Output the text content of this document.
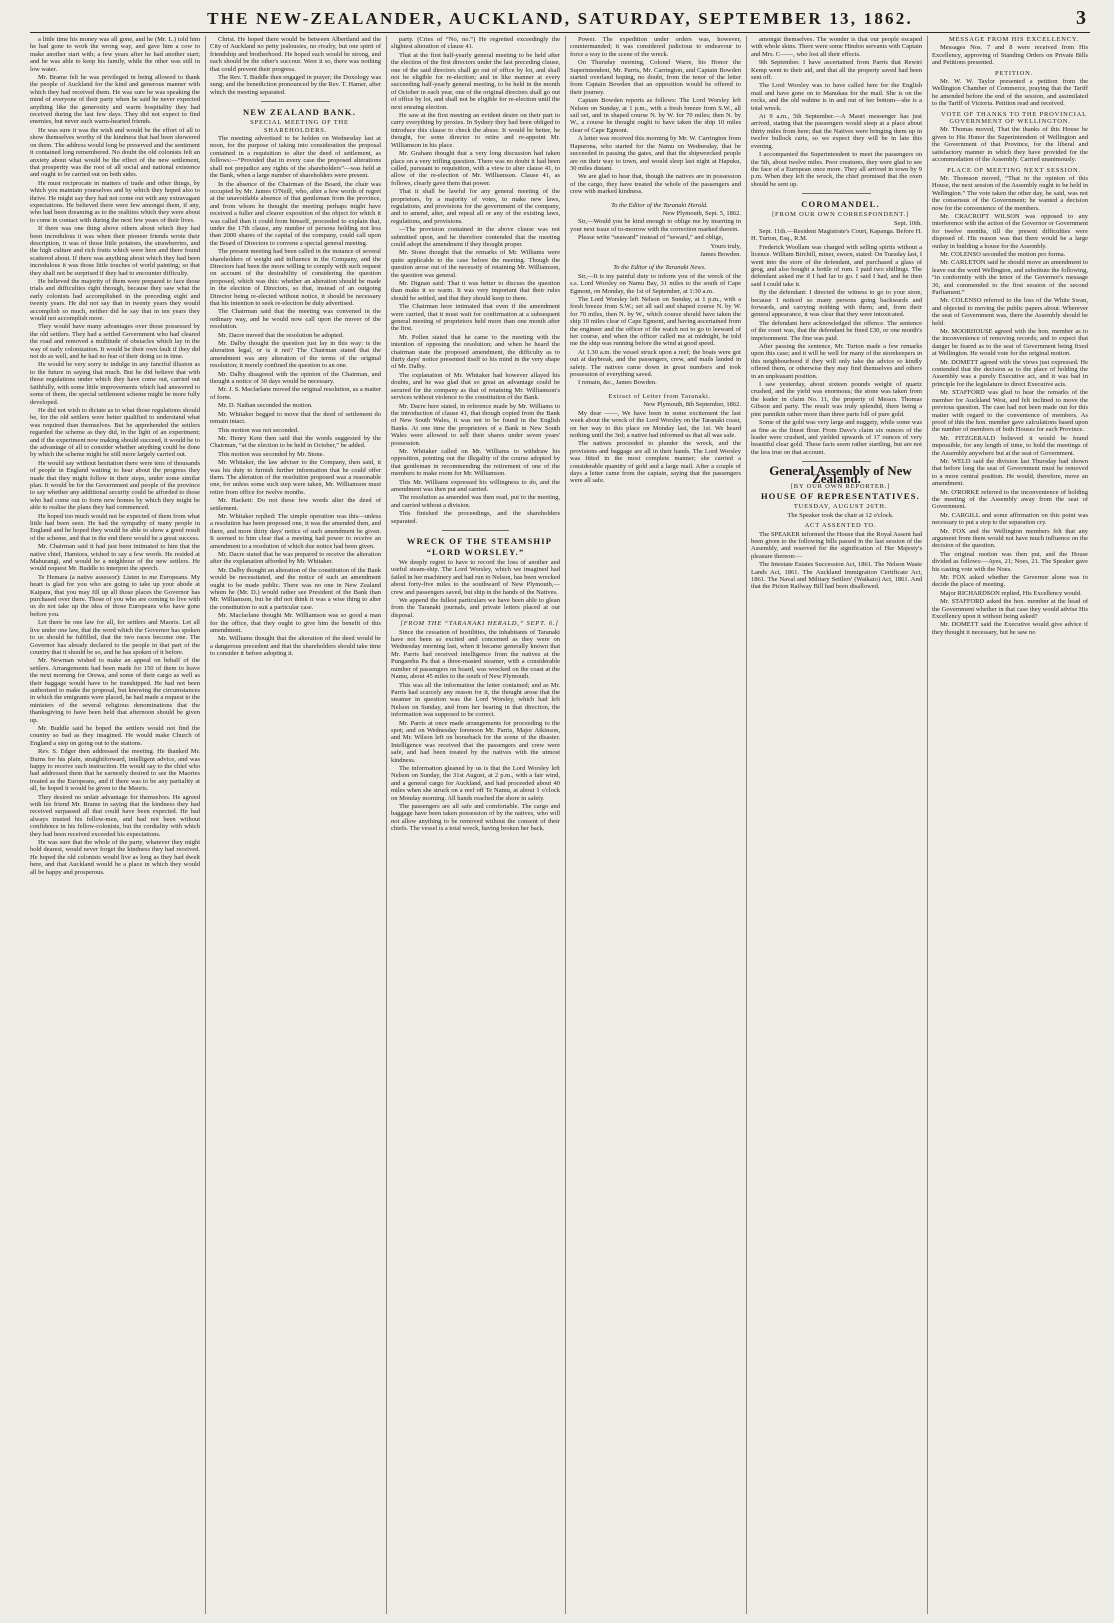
THE NEW-ZEALANDER, AUCKLAND, SATURDAY, SEPTEMBER 13, 1862.	3

a little time his money was all gone, and he (Mr. L.) told him he had gone to work the wrong way, and gave him a cow to make another start with; a few years after he had another start; and he was able to keep his family, while the other was still in low water.

Mr. Brame felt he was privileged in being allowed to thank the people of Auckland for the kind and generous manner with which they had received them. He was sure he was speaking the mind of everyone of their party when he said he never expected anything like the generosity and warm hospitality they had received during the last few days. They did not expect to find enemies, but never such warm-hearted friends.

He was sure it was the wish and would be the effort of all to show themselves worthy of the kindness that had been showered on them. The address would long be preserved and the sentiment it contained long remembered. No doubt the old colonists felt an anxiety about what would be the effect of the new settlement, that prosperity was the root of all social and national existence and ought to be carried out on both sides.

He must reciprocate in matters of trade and other things, by which you maintain yourselves and by which they hoped also to thrive. He might say they had not come out with any extravagant expectations. He believed there were few amongst them, if any, who had been dreaming as to the realities which they were about to come in contact with during the next few years of their lives.

If there was one thing above others about which they had been incredulous it was when their pioneer friends wrote their description, it was of those little potatoes, the strawberries, and the high culture and rich fruits which were here and there found scattered about. If there was anything about which they had been incredulous it was those little touches of world painting; so that they shall not be surprised if they had to encounter difficulty.

He believed the majority of them were prepared to face those trials and difficulties right through, because they saw what the early colonists had accomplished in the preceding eight and twenty years. He did not say that in twenty years they would accomplish so much, neither did he say that in ten years they would not accomplish more.

They would have many advantages over those possessed by the old settlers. They had a settled Government who had cleared the road and removed a multitude of obstacles which lay in the way of early colonization. It would be their own fault if they did not do as well, and he had no fear of their doing so in time.

He would be very sorry to indulge in any fanciful illusion as to the future in saying that much. But he did believe that with those regulations under which they have come out, carried out faithfully, with some little improvements which had answered to some of them, the special settlement scheme might be more fully developed.

He did not wish to dictate as to what those regulations should be, for the old settlers were better qualified to understand what was required than themselves. But he apprehended the settlers regarded the scheme as they did, in the light of an experiment; and if the experiment now making should succeed, it would be to the advantage of all to consider whether anything could be done by which the scheme might be still more largely carried out.

He would say without hesitation there were tens of thousands of people in England waiting to hear about the progress they made that they might follow in their steps, under some similar plan. It would be for the Government and people of the province to say whether any additional security could be afforded to those who had come out to form new homes by which they might be able to realise the plans they had commenced.

He hoped too much would not be expected of them from what little had been seen. He had the sympathy of many people in England and he hoped they would be able to show a good result of the scheme, and that in the end there would be a great success.

Mr. Chairman said it had just been intimated to him that the native chief, Hamiora, wished to say a few words. He resided at Mahurangi, and would be a neighbour of the new settlers. He would request Mr. Buddle to interpret the speech.

Te Hemara (a native assessor): Listen to me Europeans. My heart is glad for you who are going to take up your abode at Kaipara, that you may fill up all those places the Governor has purchased over there. Those of you who are coming to live with us do not take up the idea of those Europeans who have gone before you.

Let there be one law for all, for settlers and Maoris. Let all live under one law, that the word which the Governor has spoken to us should be fulfilled, that the two races become one. The Governor has already declared to the people in that part of the country that it should be so, and he has spoken of it before.

Mr. Newman wished to make an appeal on behalf of the settlers. Arrangements had been made for 150 of them to leave the next morning for Orewa, and some of their cargo as well as their baggage would have to be transhipped. He had not been authorised to make the proposal, but knowing the circumstances in which the emigrants were placed, he had made a request to the ministers of the several religious denominations that the thanksgiving to have been held that afternoon should be given up.

Mr. Buddle said he hoped the settlers would not find the country so bad as they imagined. He would make Church of England a step on going out to the stations.

Rev. S. Edger then addressed the meeting. He thanked Mr. Burns for his plain, straightforward, intelligent advice, and was happy to receive such instruction. He would say to the chief who had addressed them that he earnestly desired to see the Maories treated as the Europeans, and if there was to be any partiality at all, he hoped it would be given to the Maoris.

They desired no unfair advantage for themselves. He agreed with his friend Mr. Brame in saying that the kindness they had received surpassed all that could have been expected. He had always trusted his fellow-men, and had not been without confidence in his fellow-colonists, but the cordiality with which they had been received exceeded his expectations.

He was sure that the whole of the party, whatever they might hold dearest, would never forget the kindness they had received. He hoped the old colonists would live as long as they had dwelt here, and that Auckland would be a place in which they would all be happy and prosperous.

Christ. He hoped there would be between Albertland and the City of Auckland no petty jealousies, no rivalry, but one spirit of friendship and brotherhood. He hoped each would be strong, and each should be the other's succour. Were it so, there was nothing that could prevent their progress.

The Rev. T. Buddle then engaged in prayer; the Doxology was sung; and the benediction pronounced by the Rev. T. Hamer, after which the meeting separated.

NEW ZEALAND BANK.

SPECIAL MEETING OF THE SHAREHOLDERS.

The meeting advertised to be holden on Wednesday last at noon, for the purpose of taking into consideration the proposal contained in a requisition to alter the deed of settlement, as follows:—“Provided that in every case the proposed alterations shall not prejudice any rights of the shareholders”—was held at the Bank, when a large number of shareholders were present.

In the absence of the Chairman of the Board, the chair was occupied by Mr. James O'Neill, who, after a few words of regret at the unavoidable absence of that gentleman from the province, and from whom he thought the meeting perhaps might have received a fuller and clearer exposition of the object for which it was called than it could from himself, proceeded to explain that, under the 17th clause, any number of persons holding not less than 2000 shares of the capital of the company, could call upon the Board of Directors to convene a special general meeting.

The present meeting had been called in the instance of several shareholders of weight and influence in the Company, and the Directors had been the more willing to comply with such request on account of the desirability of considering the question proposed, which was this: whether an alteration should be made in the election of Directors, so that, instead of an outgoing Director being re-elected without notice, it should be necessary that his intention to seek re-election be duly advertised.

The Chairman said that the meeting was convened in the ordinary way, and he would now call upon the mover of the resolution.

Mr. Dacre moved that the resolution be adopted.

Mr. Dalby thought the question just lay in this way: is the alteration legal, or is it not? The Chairman stated that the amendment was any alteration of the terms of the original resolution; it merely confined the question to an one.

Mr. Dalby disagreed with the opinion of the Chairman, and thought a notice of 30 days would be necessary.

Mr. J. S. Macfarlane moved the original resolution, as a matter of form.

Mr. D. Nathan seconded the motion.

Mr. Whitaker begged to move that the deed of settlement do remain intact.

This motion was not seconded.

Mr. Henry Kent then said that the words suggested by the Chairman, “at the election to be held in October,” be added.

This motion was seconded by Mr. Stone.

Mr. Whitaker, the law adviser to the Company, then said, it was his duty to furnish further information that he could offer them. The alteration of the resolution proposed was a reasonable one, for unless some such step were taken, Mr. Williamson must retire from office for twelve months.

Mr. Hackett: Do not these few words alter the deed of settlement.

Mr. Whitaker replied: The simple operation was this—unless a resolution has been proposed one, it was the amended then, and there, and more thirty days' notice of such amendment be given. It seemed to him clear that a meeting had power to receive an amendment to a resolution of which due notice had been given.

Mr. Dacre stated that he was prepared to receive the alteration after the explanation afforded by Mr. Whitaker.

Mr. Dalby thought an alteration of the constitution of the Bank would be necessitated, and the notice of such an amendment ought to be made public. There was no one in New Zealand whom he (Mr. D.) would rather see President of the Bank than Mr. Williamson, but he did not think it was a wise thing to alter the constitution to suit a particular case.

Mr. Macfarlane thought Mr. Williamson was so good a man for the office, that they ought to give him the benefit of this amendment.

Mr. Williams thought that the alteration of the deed would be a dangerous precedent and that the shareholders should take time to consider it before adopting it.

party. (Cries of “No, no.”) He regretted exceedingly the slightest alteration of clause 41.

That at the first half-yearly general meeting to be held after the election of the first directors under the last preceding clause, one of the said directors shall go out of office by lot, and shall not be eligible for re-election; and in like manner at every succeeding half-yearly general meeting, to be held in the month of October in each year, one of the original directors shall go out of office by lot, and shall not be eligible for re-election until the next ensuing election.

He saw at the first meeting an evident desire on their part to carry everything by proxies. In Sydney they had been obliged to introduce this clause to check the abuse. It would be better, he thought, for some director to retire and re-appoint Mr. Williamson in his place.

Mr. Graham thought that a very long discussion had taken place on a very trifling question. There was no doubt it had been called, pursuant to requisition, with a view to alter clause 41, to allow of the re-election of Mr. Williamson. Clause 41, as follows, clearly gave them that power.

That it shall be lawful for any general meeting of the proprietors, by a majority of votes, to make new laws, regulations, and provisions for the government of the company, and to amend, alter, and repeal all or any of the existing laws, regulations, and provisions.

—The provision contained in the above clause was not submitted upon, and he therefore contended that the meeting could adopt the amendment if they thought proper.

Mr. Stone thought that the remarks of Mr. Williams were quite applicable to the case before the meeting. Though the question arose out of the necessity of retaining Mr. Williamson, the question was general.

Mr. Dignan said: That it was better to discuss the question than make it so warm. It was very important that their rules should be settled, and that they should keep to them.

The Chairman here intimated that even if the amendment were carried, that it must wait for confirmation at a subsequent general meeting of proprietors held more than one month after the first.

Mr. Pollen stated that he came to the meeting with the intention of opposing the resolution; and when he heard the chairman state the proposed amendment, the difficulty as to thirty days' notice presented itself to his mind in the very shape of Mr. Dalby.

The explanation of Mr. Whitaker had however allayed his doubts, and he was glad that so great an advantage could be secured for the company as that of retaining Mr. Williamson's services without violence to the constitution of the Bank.

Mr. Dacre here stated, in reference made by Mr. Williams to the introduction of clause 41, that though copied from the Bank of New South Wales, it was not to be found in the English Banks. At one time the proprietors of a Bank in New South Wales were allowed to sell their shares under seven years' possession.

Mr. Whitaker called on Mr. Williams to withdraw his opposition, pointing out the illegality of the course adopted by that gentleman in recommending the retirement of one of the members to make room for Mr. Williamson.

This Mr. Williams expressed his willingness to do, and the amendment was then put and carried.

The resolution as amended was then read, put to the meeting, and carried without a division.

This finished the proceedings, and the shareholders separated.

WRECK OF THE STEAMSHIP “LORD WORSLEY.”

We deeply regret to have to record the loss of another and useful steam-ship. The Lord Worsley, which we imagined had failed in her machinery and had run to Nelson, has been wrecked about forty-five miles to the southward of New Plymouth,—crew and passengers saved, but ship in the hands of the Natives.

We append the fullest particulars we have been able to glean from the Taranaki journals, and private letters placed at our disposal.

[FROM THE “TARANAKI HERALD,” SEPT. 6.]

Since the cessation of hostilities, the inhabitants of Taranaki have not been so excited and concerned as they were on Wednesday morning last, when it became generally known that Mr. Parris had received intelligence from the natives at the Pungarehu Pa that a three-masted steamer, with a considerable number of passengers on board, was wrecked on the coast at the Namu, about 45 miles to the south of New Plymouth.

This was all the information the letter contained; and as Mr. Parris had scarcely any reason for it, the thought arose that the steamer in question was the Lord Worsley, which had left Nelson on Sunday, and from her bearing in that direction, the information was supposed to be correct.

Mr. Parris at once made arrangements for proceeding to the spot; and on Wednesday forenoon Mr. Parris, Major Atkinson, and Mr. Wilson left on horseback for the scene of the disaster. Intelligence was received that the passengers and crew were safe, and had been treated by the natives with the utmost kindness.

The information gleaned by us is that the Lord Worsley left Nelson on Sunday, the 31st August, at 2 p.m., with a fair wind, and a general cargo for Auckland, and had proceeded about 40 miles when she struck on a reef off Te Namu, at about 1 o'clock on Monday morning. All hands reached the shore in safety.

The passengers are all safe and comfortable. The cargo and baggage have been taken possession of by the natives, who will not allow anything to be removed without the consent of their chiefs. The vessel is a total wreck, having broken her back.

Power. The expedition under orders was, however, countermanded; it was considered judicious to endeavour to force a way to the scene of the wreck.

On Thursday morning, Colonel Warre, his Honor the Superintendent, Mr. Parris, Mr. Carrington, and Captain Bowden started overland hoping, no doubt, from the tenor of the letter from Captain Bowden that an opposition would be offered to their journey.

Captain Bowden reports as follows: The Lord Worsley left Nelson on Sunday, at 1 p.m., with a fresh breeze from S.W., all sail set, and in shaped course N. by W. for 70 miles; then N. by W., a course he thought ought to have taken the ship 10 miles clear of Cape Egmont.

A letter was received this morning by Mr. W. Carrington from Hapurona, who started for the Namu on Wednesday, that he succeeded in passing the gates, and that the shipwrecked people are on their way to town, and would sleep last night at Hapuku, 30 miles distant.

We are glad to hear that, though the natives are in possession of the cargo, they have treated the whole of the passengers and crew with marked kindness.

To the Editor of the Taranaki Herald.

New Plymouth, Sept. 5, 1862.

Sir,—Would you be kind enough to oblige me by inserting in your next issue of to-morrow with the correction marked therein.

Please write “seaward” instead of “seward,” and oblige,

Yours truly,

James Bowden.

To the Editor of the Taranaki News.

Sir,—It is my painful duty to inform you of the wreck of the s.s. Lord Worsley on Namu Bay, 31 miles to the south of Cape Egmont, on Monday, the 1st of September, at 1:30 a.m.

The Lord Worsley left Nelson on Sunday, at 1 p.m., with a fresh breeze from S.W.; set all sail and shaped course N. by W. for 70 miles, then N. by W., which course should have taken the ship 10 miles clear of Cape Egmont, and having ascertained from the engineer and the officer of the watch not to go to leeward of her course, and when the officer called me at midnight, he told me the ship was running before the wind at good speed.

At 1.30 a.m. the vessel struck upon a reef; the boats were got out at daybreak, and the passengers, crew, and mails landed in safety. The natives came down in great numbers and took possession of everything saved.

I remain, &c., James Bowden.

Extract of Letter from Taranaki.

New Plymouth, 8th September, 1862.

My dear ——, We have been in some excitement the last week about the wreck of the Lord Worsley on the Taranaki coast, on her way to this place on Monday last, the 1st. We heard nothing until the 3rd; a native had informed us that all was safe.

The natives proceeded to plunder the wreck, and the provisions and baggage are all in their hands. The Lord Worsley was fitted in the most complete manner; she carried a considerable quantity of gold and a large mail. After a couple of days a letter came from the captain, saying that the passengers were all safe.

amongst themselves. The wonder is that our people escaped with whole skins. There were some Hindoo servants with Captain and Mrs. C——, who lost all their effects.

9th September. I have ascertained from Parris that Rewiri Kemp went to their aid, and that all the property saved had been sent off.

The Lord Worsley was to have called here for the English mail and have gone on to Manukau for the mail. She is on the rocks, and the old wahine is in and out of her bottom—she is a total wreck.

At 9 a.m., 5th September.—A Maori messenger has just arrived, stating that the passengers would sleep at a place about thirty miles from here; that the Natives were bringing them up in twelve bullock carts, so we expect they will be in late this evening.

I accompanied the Superintendent to meet the passengers on the 5th, about twelve miles. Poor creatures, they were glad to see the face of a European once more. They all arrived in town by 9 p.m. When they left the wreck, the chief promised that the oxen should be sent up.

COROMANDEL.

[FROM OUR OWN CORRESPONDENT.]

Sept. 10th.

Sept. 11th.—Resident Magistrate's Court, Kapanga. Before H. H. Turton, Esq., R.M.

Frederick Woollam was charged with selling spirits without a licence. William Birchill, miner, sworn, stated: On Tuesday last, I went into the store of the defendant, and purchased a glass of grog, and also bought a bottle of rum. I paid two shillings. The defendant asked me if I had far to go. I said I had, and he then said I could take it.

By the defendant: I directed the witness to go to your store, because I noticed so many persons going backwards and forwards, and carrying nothing with them; and, from their general appearance, it was clear that they were intoxicated.

The defendant here acknowledged the offence. The sentence of the court was, that the defendant be fined £30, or one month's imprisonment. The fine was paid.

After passing the sentence, Mr. Turton made a few remarks upon this case; and it will be well for many of the storekeepers in this neighbourhood if they will only take the advice so kindly offered them, or otherwise they may find themselves and others in an unpleasant position.

I saw yesterday, about sixteen pounds weight of quartz crushed, and the yield was enormous; the stone was taken from the leader in claim No. 11, the property of Messrs. Thomas Gibson and party. The result was truly splendid, there being a pint pannikin rather more than three parts full of pure gold.

Some of the gold was very large and nuggety, while some was as fine as the finest flour. From Dave's claim six ounces of the leader were crushed, and yielded upwards of 17 ounces of very beautiful clear gold. These facts seem rather startling, but are not the less true on that account.

General Assembly of New Zealand.

[BY OUR OWN REPORTER.]

HOUSE OF REPRESENTATIVES.

TUESDAY, AUGUST 26TH.

The Speaker took the chair at 12 o'clock.

ACT ASSENTED TO.

The SPEAKER informed the House that the Royal Assent had been given to the following bills passed in the last session of the Assembly, and reserved for the signification of Her Majesty's pleasure thereon:—

The Intestate Estates Succession Act, 1861. The Nelson Waste Lands Act, 1861. The Auckland Immigration Certificate Act, 1861. The Naval and Military Settlers' (Waikato) Act, 1861. And that the Picton Railway Bill had been disallowed.

MESSAGE FROM HIS EXCELLENCY.

Messages Nos. 7 and 8 were received from His Excellency, approving of Standing Orders on Private Bills and Petitions presented.

PETITION.

Mr. W. W. Taylor presented a petition from the Wellington Chamber of Commerce, praying that the Tariff be amended before the end of the session, and assimilated to the Tariff of Victoria. Petition read and received.

VOTE OF THANKS TO THE PROVINCIAL GOVERNMENT OF WELLINGTON.

Mr. Thomas moved, That the thanks of this House be given to His Honor the Superintendent of Wellington and the Government of that Province, for the liberal and satisfactory manner in which they have provided for the accommodation of the Assembly. Carried unanimously.

PLACE OF MEETING NEXT SESSION.

Mr. Thomson moved, “That in the opinion of this House, the next session of the Assembly ought to be held in Wellington.” The vote taken the other day, he said, was not the consensus of the Government; he wanted a decision now for the convenience of the members.

Mr. CRACROFT WILSON was opposed to any interference with the action of the Governor or Government for twelve months, till the present difficulties were disposed of. His reason was that there would be a large outlay in building a house for the Assembly.

Mr. COLENSO seconded the motion pro forma.

Mr. CARLETON said he should move an amendment to leave out the word Wellington, and substitute the following, “in conformity with the tenor of the Governor's message 36, and commended to the first session of the second Parliament.”

Mr. COLENSO referred to the loss of the White Swan, and objected to moving the public papers about. Wherever the seat of Government was, there the Assembly should be held.

Mr. MOORHOUSE agreed with the hon. member as to the inconvenience of removing records; and to expect that danger be feared as to the seat of Government being fixed at Wellington. He would vote for the original motion.

Mr. DOMETT agreed with the views just expressed. He contended that the decision as to the place of holding the Assembly was a purely Executive act, and it was bad in principle for the legislature to direct Executive acts.

Mr. STAFFORD was glad to hear the remarks of the member for Auckland West, and felt inclined to move the previous question. The case had not been made out for this matter with regard to the convenience of members. As proof of this the hon. member gave calculations based upon the number of members of both Houses for each Province.

Mr. FITZGERALD believed it would be found impossible, for any length of time, to hold the meetings of the Assembly anywhere but at the seat of Government.

Mr. WELD said the division last Thursday had shown that before long the seat of Government must be removed to a more central position. He would, therefore, move an amendment.

Mr. O'RORKE referred to the inconvenience of holding the meeting of the Assembly away from the seat of Government.

Mr. CARGILL and some affirmation on this point was necessary to put a stop to the separation cry.

Mr. FOX and the Wellington members felt that any argument from them would not have much influence on the decision of the question.

The original motion was then put, and the House divided as follows:—Ayes, 21; Noes, 21. The Speaker gave his casting vote with the Noes.

Mr. FOX asked whether the Governor alone was to decide the place of meeting.

Major RICHARDSON replied, His Excellency would.

Mr. STAFFORD asked the hon. member at the head of the Government whether in that case they would advise His Excellency upon it without being asked?

Mr. DOMETT said the Executive would give advice if they thought it necessary, but he saw no
